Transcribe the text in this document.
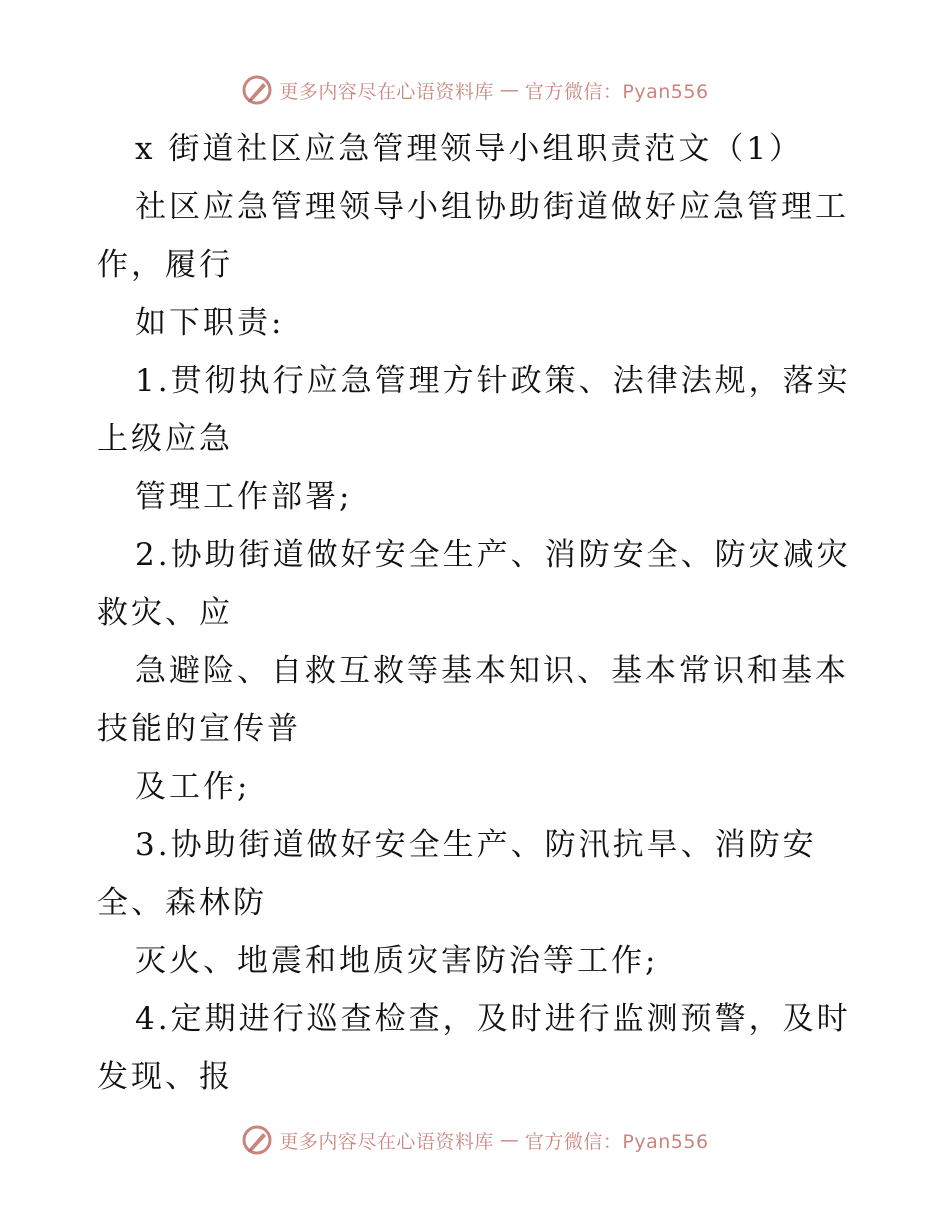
更多内容尽在心语资料库 — 官方微信：Pyan556
x 街道社区应急管理领导小组职责范文（1）
社区应急管理领导小组协助街道做好应急管理工
作，履行
如下职责:
1.贯彻执行应急管理方针政策、法律法规，落实
上级应急
管理工作部署;
2.协助街道做好安全生产、消防安全、防灾减灾
救灾、应
急避险、自救互救等基本知识、基本常识和基本
技能的宣传普
及工作;
3.协助街道做好安全生产、防汛抗旱、消防安
全、森林防
灭火、地震和地质灾害防治等工作;
4.定期进行巡查检查，及时进行监测预警，及时
发现、报
更多内容尽在心语资料库 — 官方微信：Pyan556
